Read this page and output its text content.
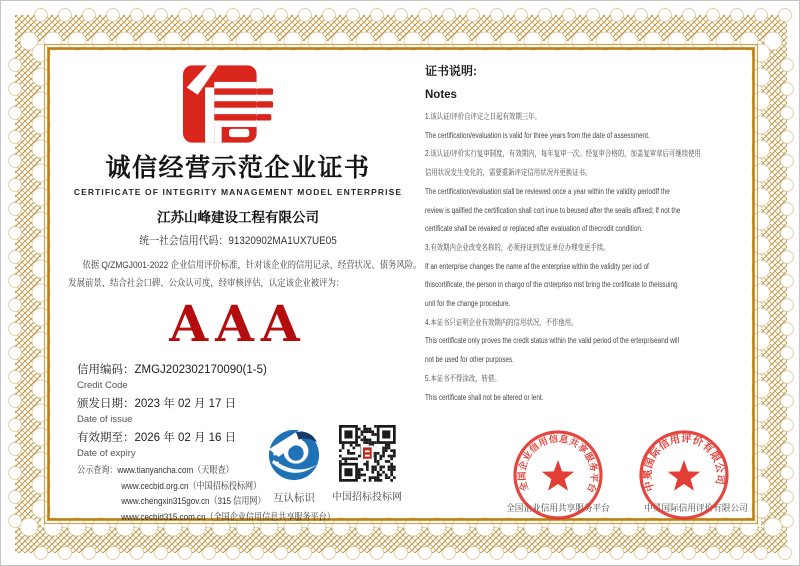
诚信经营示范企业证书
CERTIFICATE OF INTEGRITY MANAGEMENT MODEL ENTERPRISE
江苏山峰建设工程有限公司
统一社会信用代码：91320902MA1UX7UE05
依据 Q/ZMGJ001-2022 企业信用评价标准，针对该企业的信用记录、经营状况、债务风险。
发展前景、结合社会口碑、公众认可度，经审核评估，认定该企业被评为：
AAA
信用编码：ZMGJ202302170090(1-5)
Credit Code
颁发日期：2023 年 02 月 17 日
Date of issue
有效期至：2026 年 02 月 16 日
Date of expiry
公示查询：www.tianyancha.com（天眼查）
www.cecbid.org.cn（中国招标投标网）
www.chengxin315gov.cn（315 信用网）
www.cecbid315.com.cn（全国企业信用信息共享服务平台）
互认标识	中国招标投标网
证书说明:
Notes
1.该认证/评价自评定之日起有效期三年。
The certification/evaluation is valid for three years from the date of assessment.
2.该认证/评价实行复审制度，有效期内，每年复审一次。经复审合格的，加盖复审章后可继续使用
信用状况发生变化的，需要重新评定信用状况并更换证书。
The certification/evaluation stall be reviewed once a year within the validity periodIf the
review is qalified the certification shall cort inue to beused after the sealis affixed; If not the
certificate shall be revaked or replaced after evaluation of thecrodit condition.
3.有效期内企业改变名称的，必须持证到发证单位办理变更手续。
If an enterprise changes the name af the enterprise within the validity per iod of
thiscortificate, the person in chargo of the cnterpriso mst bring the cortificate to theissuing
unit for the change procedure.
4.本证书只证明企业有效期内的信用状况，不作他用。
This certificate only proves the credit status within the valid period of the erterpriseand will
not be used for other purposes.
5.本证书不得涂改，转借。
This certificate shall not be altered or lent.
全国企业信用共享服务平台	中冕国际信用评价有限公司
全国企业信用信息共享服务平台	中冕国际信用评价有限公司
